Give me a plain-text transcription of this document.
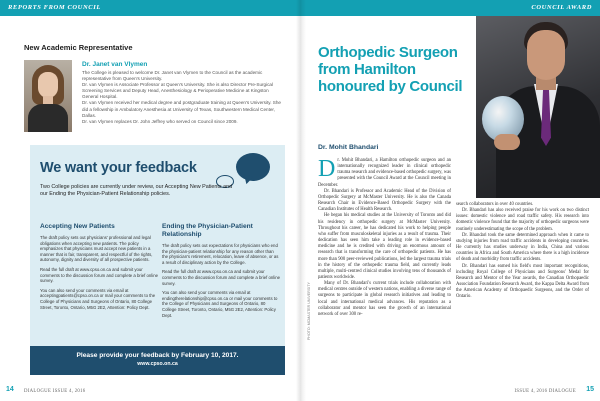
REPORTS FROM COUNCIL
New Academic Representative
Dr. Janet van Vlymen

The College is pleased to welcome Dr. Janet van Vlymen to the Council as the academic representative from Queen's University.

Dr. van Vlymen is Associate Professor at Queen's University. She is also Director Pre-Surgical Screening Services and Deputy Head, Anesthesiology & Perioperative Medicine at Kingston General Hospital.

Dr. van Vlymen received her medical degree and postgraduate training at Queen's University. She did a fellowship in Ambulatory Anesthesia at University of Texas, Southwestern Medical Center, Dallas.

Dr. van Vlymen replaces Dr. John Jeffrey who served on Council since 2009.

We want your feedback
Two College policies are currently under review, our Accepting New Patients and our Ending the Physician-Patient Relationship policies.
Accepting New Patients
The draft policy sets out physicians' professional and legal obligations when accepting new patients. The policy emphasizes that physicians must accept new patients in a manner that is fair, transparent, and respectful of the rights, autonomy, dignity and diversity of all prospective patients.
Read the full draft at www.cpso.on.ca and submit your comments to the discussion forum and complete a brief online survey.
You can also send your comments via email at acceptingpatients@cpso.on.ca or mail your comments to the College of Physicians and Surgeons of Ontario, 80 College Street, Toronto, Ontario, M5G 2E2, Attention: Policy Dept.
Ending the Physician-Patient Relationship
The draft policy sets out expectations for physicians who end the physician-patient relationship for any reason other than the physician's retirement, relocation, leave of absence, or as a result of disciplinary action by the College.
Read the full draft at www.cpso.on.ca and submit your comments to the discussion forum and complete a brief online survey.
You can also send your comments via email at endingtherelationship@cpso.on.ca or mail your comments to the College of Physicians and Surgeons of Ontario, 80 College Street, Toronto, Ontario, M5G 2E2, Attention: Policy Dept.
Please provide your feedback by February 10, 2017.
www.cpso.on.ca
14 DIALOGUE ISSUE 4, 2016
COUNCIL AWARD
Orthopedic Surgeon from Hamilton honoured by Council
Dr. Mohit Bhandari
PHOTO: MCMASTER UNIVERSITY

Dr. Mohit Bhandari, a Hamilton orthopedic surgeon and an internationally recognized leader in clinical orthopedic trauma research and evidence-based orthopedic surgery, was presented with the Council Award at the Council meeting in December.

Dr. Bhandari is Professor and Academic Head of the Division of Orthopedic Surgery at McMaster University. He is also the Canada Research Chair in Evidence-Based Orthopedic Surgery with the Canadian Institutes of Health Research.

He began his medical studies at the University of Toronto and did his residency in orthopedic surgery at McMaster University. Throughout his career, he has dedicated his work to helping people who suffer from musculoskeletal injuries as a result of trauma. Their dedication has seen him take a leading role in evidence-based medicine and he is credited with driving an enormous amount of research that is transforming the care of orthopedic patients. He has more than 900 peer-reviewed publications, led the largest trauma trials in the history of the orthopedic trauma field, and currently leads multiple, multi-centred clinical studies involving tens of thousands of patients worldwide.

Many of Dr. Bhandari's current trials include collaboration with medical centres outside of western nations, enabling a diverse range of surgeons to participate in global research initiatives and leading to local and international medical advances. His reputation as a collaborator and mentor has seen the growth of an international network of over 300 re-

search collaborators in over 40 countries.

Dr. Bhandari has also received praise for his work on two distinct issues: domestic violence and road traffic safety. His research into domestic violence found that the majority of orthopedic surgeons were routinely underestimating the scope of the problem.

Dr. Bhandari took the same determined approach when it came to studying injuries from road traffic accidents in developing countries. He currently has studies underway in India, China and various countries in Africa and South America where there is a high incidence of death and morbidity from traffic accidents.

Dr. Bhandari has earned his field's most important recognitions, including Royal College of Physicians and Surgeons' Medal for Research and Mentor of the Year awards, the Canadian Orthopaedic Association Foundation Research Award, the Kappa Delta Award from the American Academy of Orthopaedic Surgeons, and the Order of Ontario.

15
ISSUE 4, 2016 DIALOGUE
